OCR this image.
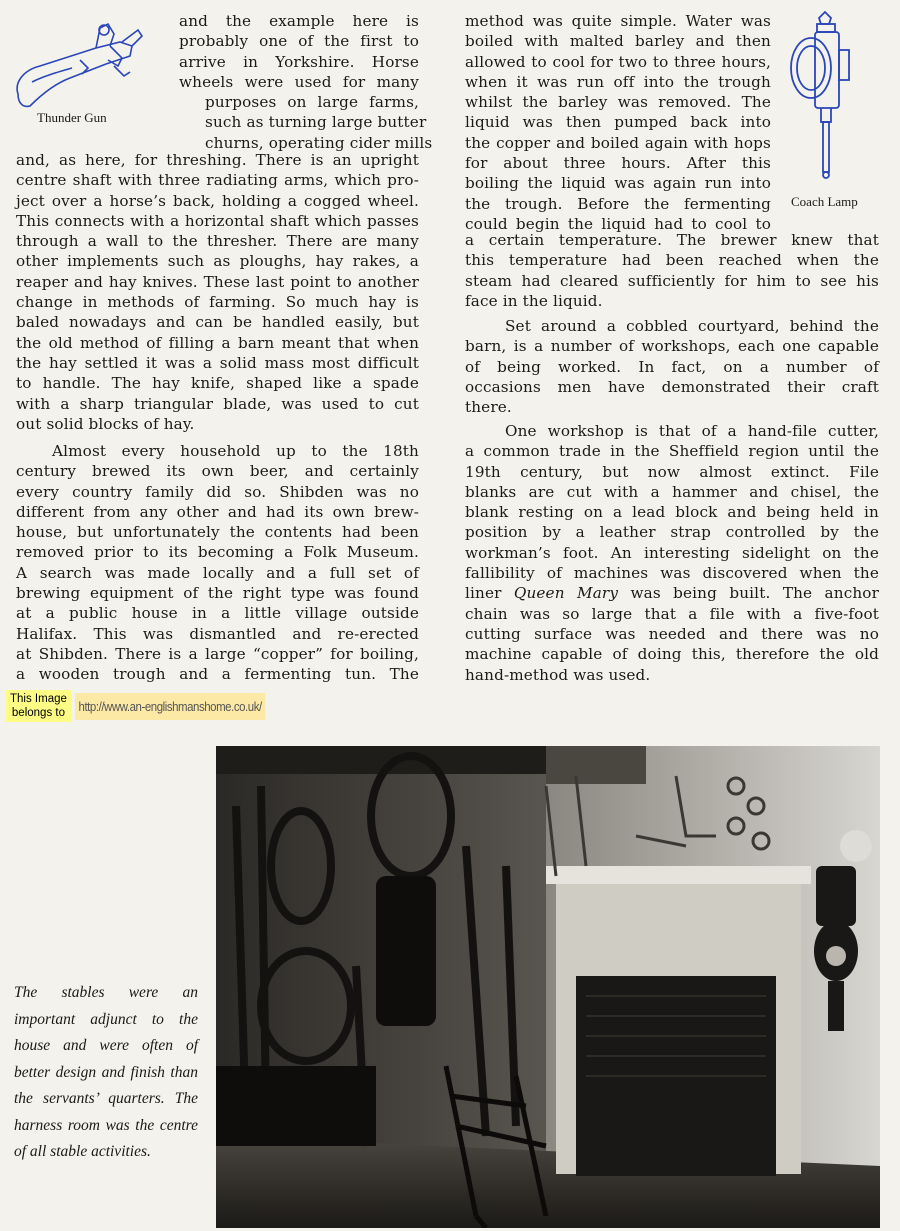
Thunder Gun
Coach Lamp
and the example here is
probably one of the first to
arrive in Yorkshire. Horse
wheels were used for many
purposes on large farms,
such as turning large butter
churns, operating cider mills
and, as here, for threshing. There is an upright
centre shaft with three radiating arms, which pro-
ject over a horse’s back, holding a cogged wheel.
This connects with a horizontal shaft which passes
through a wall to the thresher. There are many
other implements such as ploughs, hay rakes, a
reaper and hay knives. These last point to another
change in methods of farming. So much hay is
baled nowadays and can be handled easily, but
the old method of filling a barn meant that when
the hay settled it was a solid mass most difficult
to handle. The hay knife, shaped like a spade
with a sharp triangular blade, was used to cut
out solid blocks of hay.
Almost every household up to the 18th
century brewed its own beer, and certainly
every country family did so. Shibden was no
different from any other and had its own brew-
house, but unfortunately the contents had been
removed prior to its becoming a Folk Museum.
A search was made locally and a full set of
brewing equipment of the right type was found
at a public house in a little village outside
Halifax. This was dismantled and re-erected
at Shibden. There is a large “copper” for boiling,
a wooden trough and a fermenting tun. The
method was quite simple. Water was
boiled with malted barley and then
allowed to cool for two to three hours,
when it was run off into the trough
whilst the barley was removed. The
liquid was then pumped back into
the copper and boiled again with hops
for about three hours. After this
boiling the liquid was again run into
the trough. Before the fermenting
could begin the liquid had to cool to
a certain temperature. The brewer knew that
this temperature had been reached when the
steam had cleared sufficiently for him to see his
face in the liquid.
Set around a cobbled courtyard, behind the
barn, is a number of workshops, each one capable
of being worked. In fact, on a number of
occasions men have demonstrated their craft
there.
One workshop is that of a hand-file cutter,
a common trade in the Sheffield region until the
19th century, but now almost extinct. File
blanks are cut with a hammer and chisel, the
blank resting on a lead block and being held in
position by a leather strap controlled by the
workman’s foot. An interesting sidelight on the
fallibility of machines was discovered when the
liner Queen Mary was being built. The anchor
chain was so large that a file with a five-foot
cutting surface was needed and there was no
machine capable of doing this, therefore the old
hand-method was used.
This Image
belongs to http://www.an-englishmanshome.co.uk/
The stables were an important adjunct to the house and were often of better design and finish than the servants’ quarters. The harness room was the centre of all stable activities.
